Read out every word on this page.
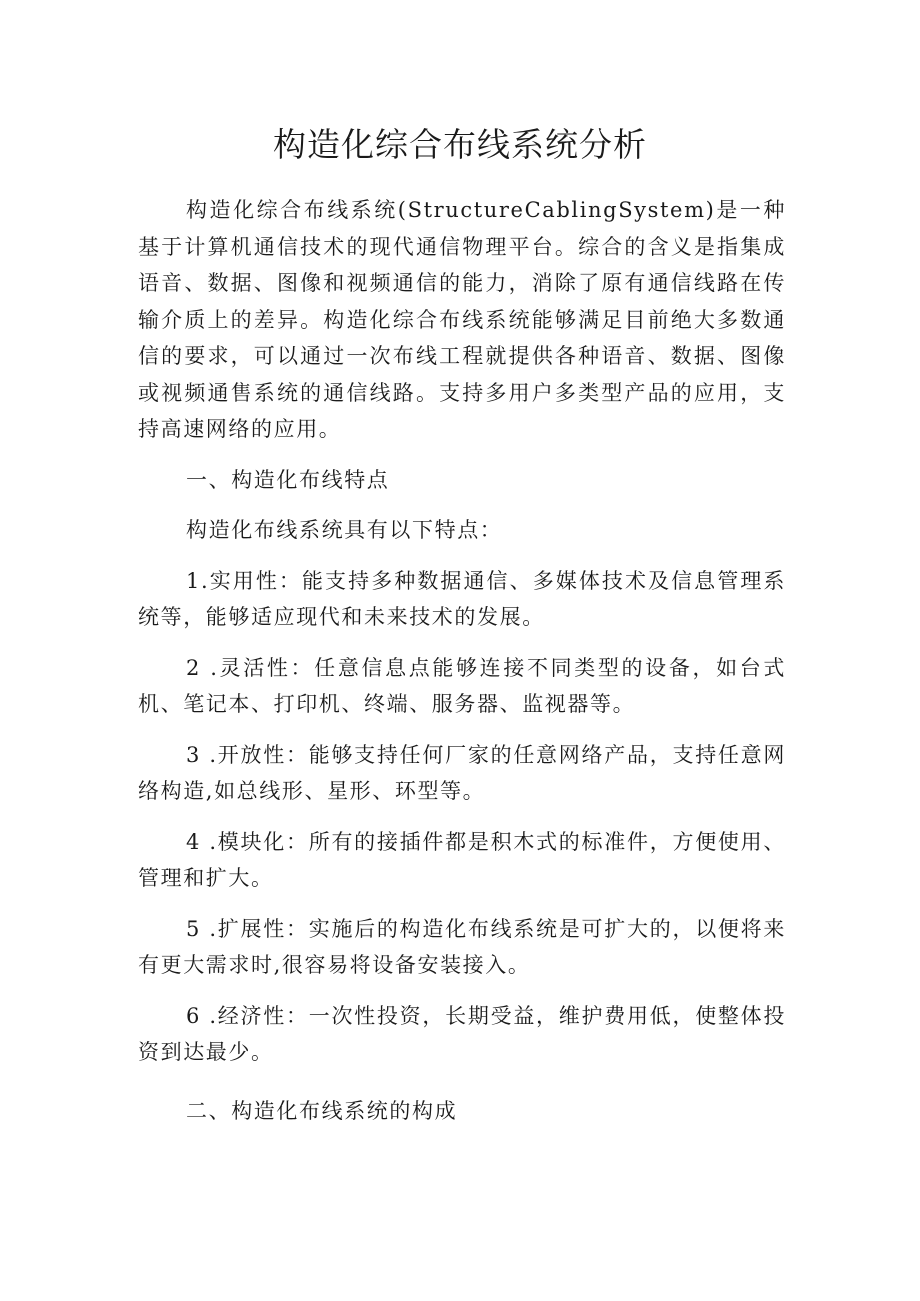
构造化综合布线系统分析

构造化综合布线系统(StructureCablingSystem)是一种基于计算机通信技术的现代通信物理平台。综合的含义是指集成语音、数据、图像和视频通信的能力，消除了原有通信线路在传输介质上的差异。构造化综合布线系统能够满足目前绝大多数通信的要求，可以通过一次布线工程就提供各种语音、数据、图像或视频通售系统的通信线路。支持多用户多类型产品的应用，支持高速网络的应用。

一、构造化布线特点

构造化布线系统具有以下特点：

1.实用性：能支持多种数据通信、多媒体技术及信息管理系统等，能够适应现代和未来技术的发展。

2 .灵活性：任意信息点能够连接不同类型的设备，如台式机、笔记本、打印机、终端、服务器、监视器等。

3 .开放性：能够支持任何厂家的任意网络产品，支持任意网络构造,如总线形、星形、环型等。

4 .模块化：所有的接插件都是积木式的标准件，方便使用、管理和扩大。

5 .扩展性：实施后的构造化布线系统是可扩大的，以便将来有更大需求时,很容易将设备安装接入。

6 .经济性：一次性投资，长期受益，维护费用低，使整体投资到达最少。

二、构造化布线系统的构成
